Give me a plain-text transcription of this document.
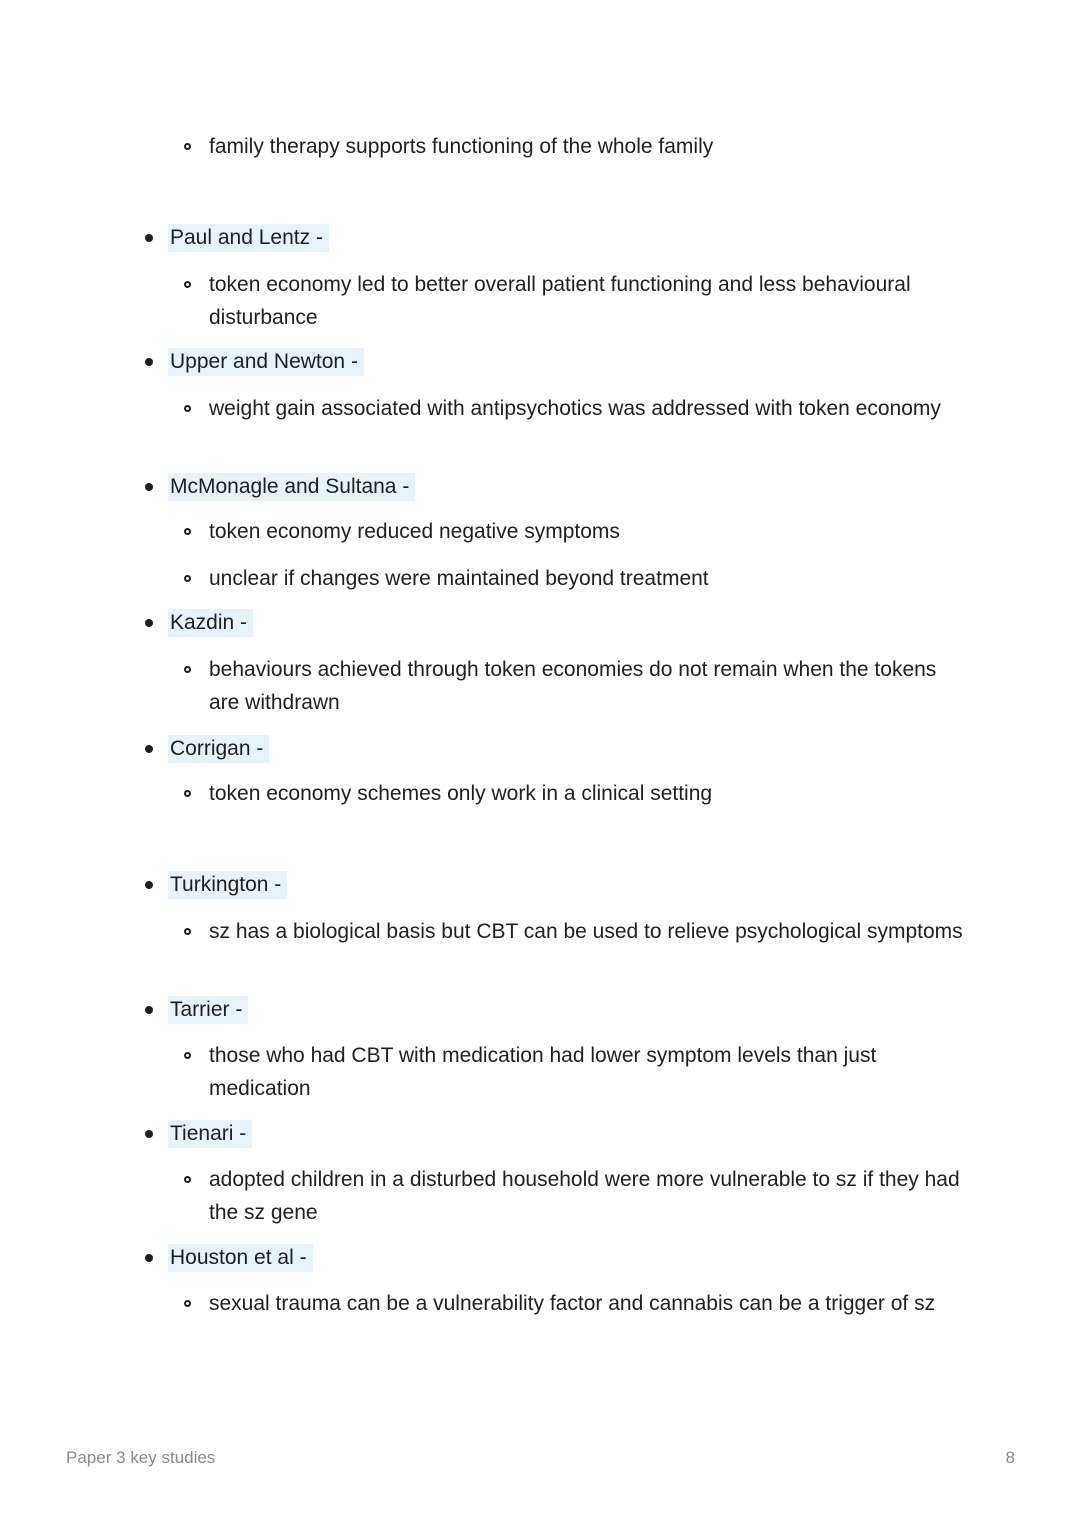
family therapy supports functioning of the whole family
Paul and Lentz -
token economy led to better overall patient functioning and less behavioural disturbance
Upper and Newton -
weight gain associated with antipsychotics was addressed with token economy
McMonagle and Sultana -
token economy reduced negative symptoms
unclear if changes were maintained beyond treatment
Kazdin -
behaviours achieved through token economies do not remain when the tokens are withdrawn
Corrigan -
token economy schemes only work in a clinical setting
Turkington -
sz has a biological basis but CBT can be used to relieve psychological symptoms
Tarrier -
those who had CBT with medication had lower symptom levels than just medication
Tienari -
adopted children in a disturbed household were more vulnerable to sz if they had the sz gene
Houston et al -
sexual trauma can be a vulnerability factor and cannabis can be a trigger of sz
Paper 3 key studies	8
